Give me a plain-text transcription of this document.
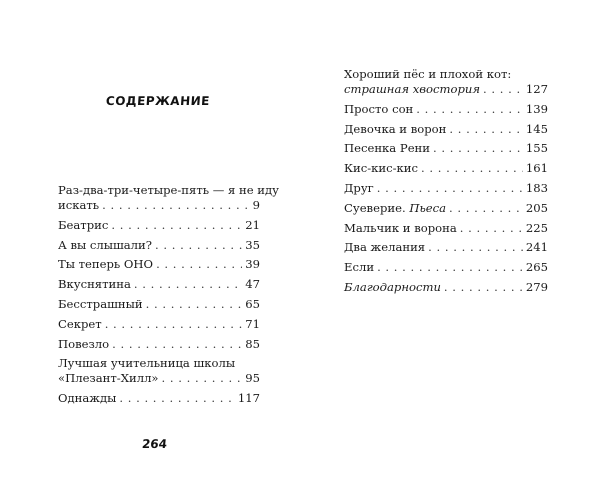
содержание
Раз-два-три-четыре-пять — я не иду
искать . . .	9
Беатрис . . .	21
А вы слышали? . . .	35
Ты теперь ОНО . . .	39
Вкуснятина . . .	47
Бесстрашный . . .	65
Секрет . . .	71
Повезло . . .	85
Лучшая учительница школы
«Плезант-Хилл» . . .	95
Однажды . . .	117
264
Хороший пёс и плохой кот:
страшная хвостория . . .	127
Просто сон . . .	139
Девочка и ворон . . .	145
Песенка Рени . . .	155
Кис-кис-кис . . .	161
Друг . . .	183
Суеверие. Пьеса . . .	205
Мальчик и ворона . . .	225
Два желания . . .	241
Если . . .	265
Благодарности . . .	279
